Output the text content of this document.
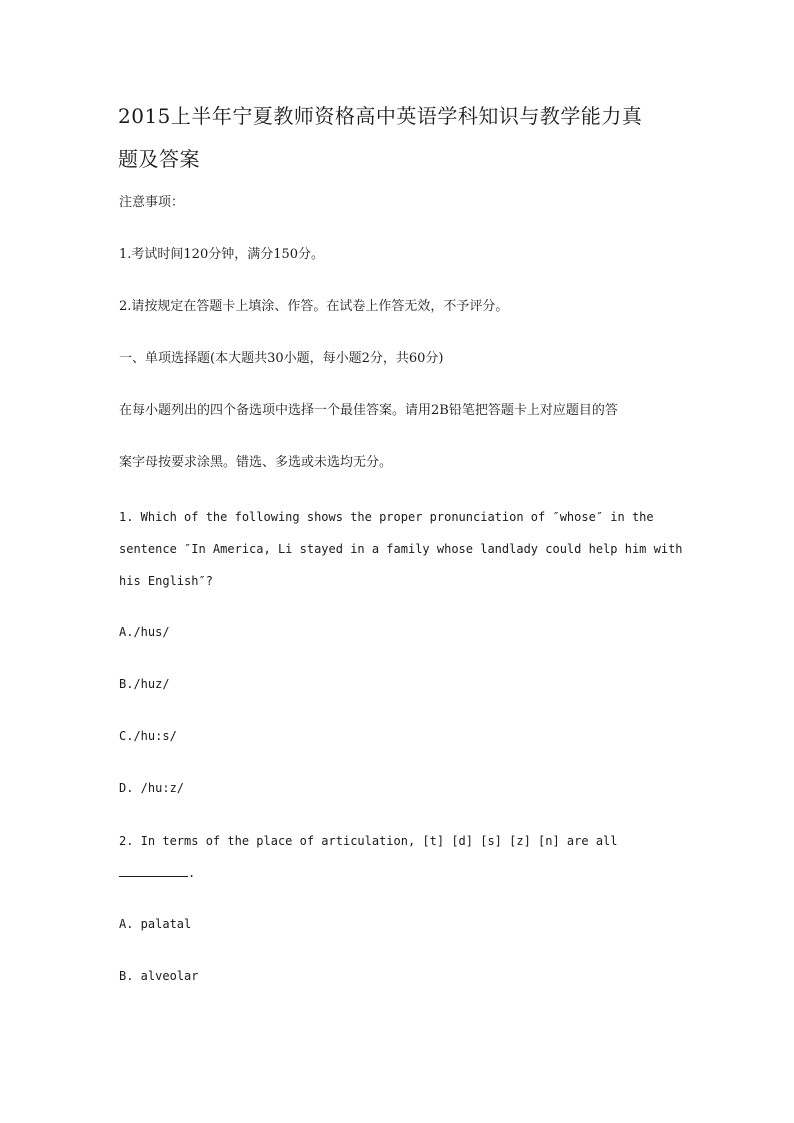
2015上半年宁夏教师资格高中英语学科知识与教学能力真
题及答案
注意事项：
1.考试时间120分钟，满分150分。
2.请按规定在答题卡上填涂、作答。在试卷上作答无效，不予评分。
一、单项选择题(本大题共30小题，每小题2分，共60分)
在每小题列出的四个备选项中选择一个最佳答案。请用2B铅笔把答题卡上对应题目的答
案字母按要求涂黑。错选、多选或未选均无分。
1. Which of the following shows the proper pronunciation of ″whose″ in the
sentence ″In America, Li stayed in a family whose landlady could help him with
his English″?
A./hus/
B./huz/
C./hu:s/
D. /hu:z/
2. In terms of the place of articulation, [t] [d] [s] [z] [n] are all
.
A. palatal
B. alveolar
